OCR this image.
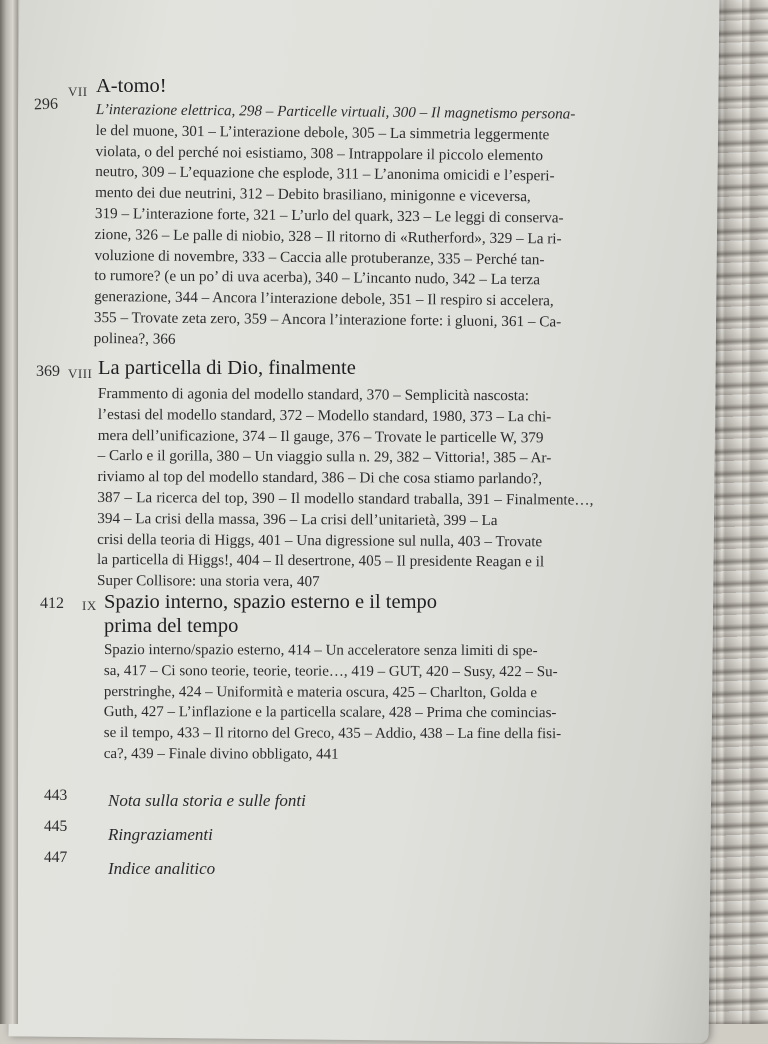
296
VII A-tomo!
L’interazione elettrica, 298 – Particelle virtuali, 300 – Il magnetismo persona-
le del muone, 301 – L’interazione debole, 305 – La simmetria leggermente
violata, o del perché noi esistiamo, 308 – Intrappolare il piccolo elemento
neutro, 309 – L’equazione che esplode, 311 – L’anonima omicidi e l’esperi-
mento dei due neutrini, 312 – Debito brasiliano, minigonne e viceversa,
319 – L’interazione forte, 321 – L’urlo del quark, 323 – Le leggi di conserva-
zione, 326 – Le palle di niobio, 328 – Il ritorno di «Rutherford», 329 – La ri-
voluzione di novembre, 333 – Caccia alle protuberanze, 335 – Perché tan-
to rumore? (e un po’ di uva acerba), 340 – L’incanto nudo, 342 – La terza
generazione, 344 – Ancora l’interazione debole, 351 – Il respiro si accelera,
355 – Trovate zeta zero, 359 – Ancora l’interazione forte: i gluoni, 361 – Ca-
polinea?, 366
369 VIII La particella di Dio, finalmente
Frammento di agonia del modello standard, 370 – Semplicità nascosta:
l’estasi del modello standard, 372 – Modello standard, 1980, 373 – La chi-
mera dell’unificazione, 374 – Il gauge, 376 – Trovate le particelle W, 379
– Carlo e il gorilla, 380 – Un viaggio sulla n. 29, 382 – Vittoria!, 385 – Ar-
riviamo al top del modello standard, 386 – Di che cosa stiamo parlando?,
387 – La ricerca del top, 390 – Il modello standard traballa, 391 – Finalmente…, 394 – La crisi della massa, 396 – La crisi dell’unitarietà, 399 – La
crisi della teoria di Higgs, 401 – Una digressione sul nulla, 403 – Trovate
la particella di Higgs!, 404 – Il desertrone, 405 – Il presidente Reagan e il
Super Collisore: una storia vera, 407
412 IX Spazio interno, spazio esterno e il tempo prima del tempo
Spazio interno/spazio esterno, 414 – Un acceleratore senza limiti di spe-
sa, 417 – Ci sono teorie, teorie, teorie…, 419 – GUT, 420 – Susy, 422 – Su-
perstringhe, 424 – Uniformità e materia oscura, 425 – Charlton, Golda e
Guth, 427 – L’inflazione e la particella scalare, 428 – Prima che comincias-
se il tempo, 433 – Il ritorno del Greco, 435 – Addio, 438 – La fine della fisi-
ca?, 439 – Finale divino obbligato, 441
443 Nota sulla storia e sulle fonti
445 Ringraziamenti
447
Indice analitico
